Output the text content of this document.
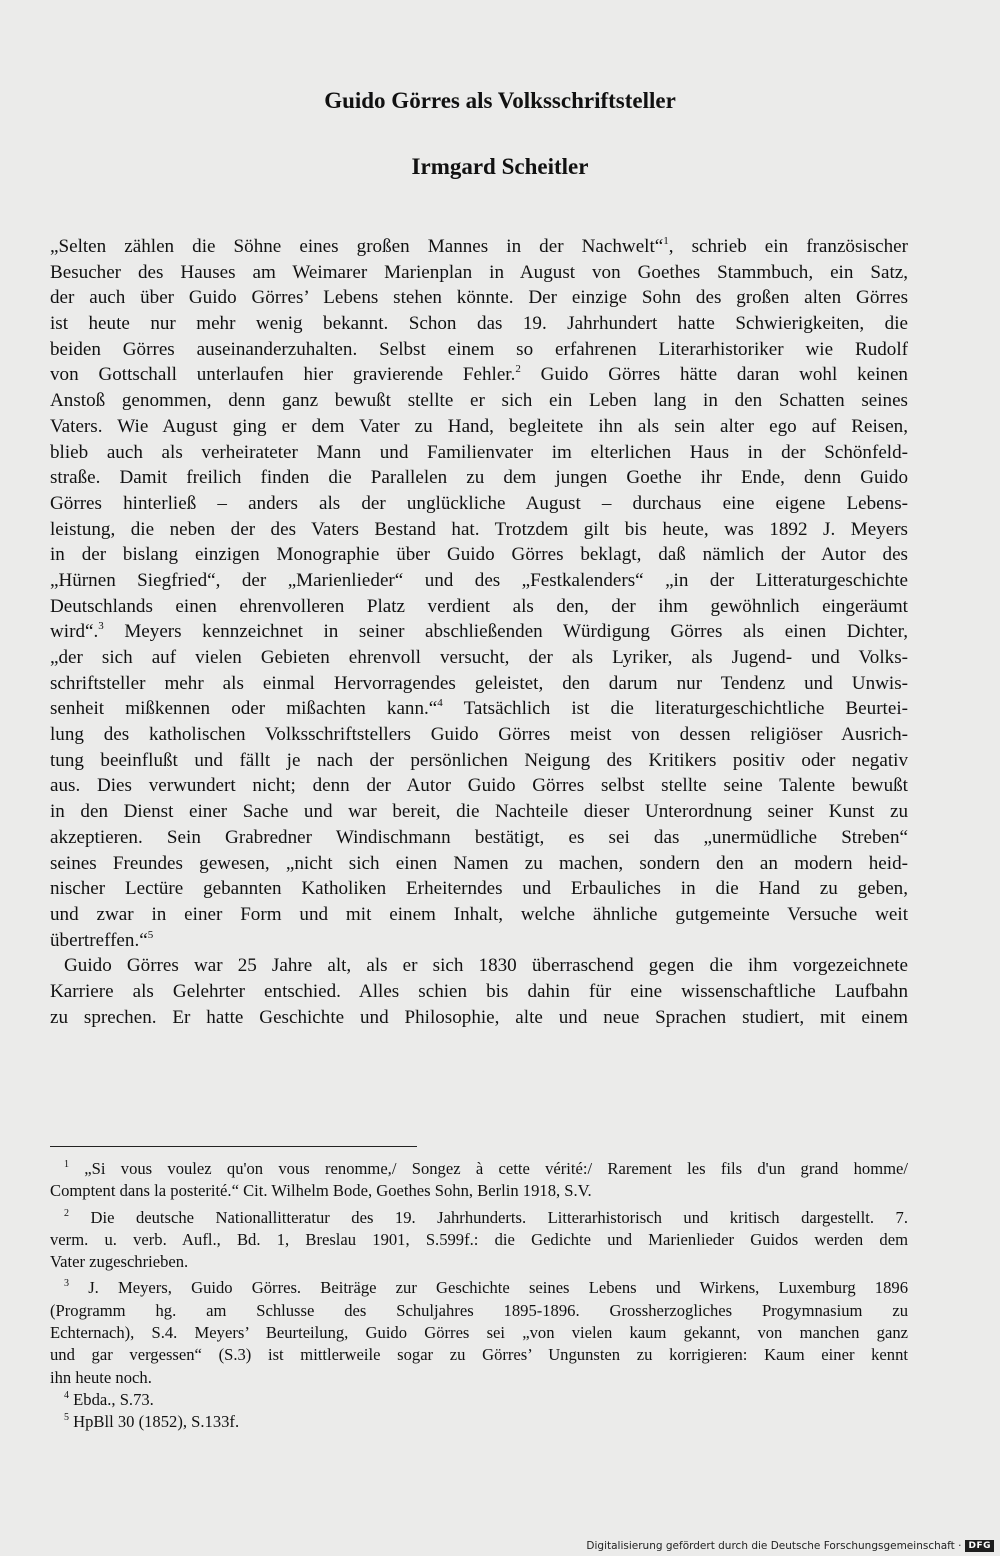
Guido Görres als Volksschriftsteller
Irmgard Scheitler
„Selten zählen die Söhne eines großen Mannes in der Nachwelt“$^1$, schrieb ein französischer
Besucher des Hauses am Weimarer Marienplan in August von Goethes Stammbuch, ein Satz,
der auch über Guido Görres’ Lebens stehen könnte. Der einzige Sohn des großen alten Görres
ist heute nur mehr wenig bekannt. Schon das 19. Jahrhundert hatte Schwierigkeiten, die
beiden Görres auseinanderzuhalten. Selbst einem so erfahrenen Literarhistoriker wie Rudolf
von Gottschall unterlaufen hier gravierende Fehler.$^2$ Guido Görres hätte daran wohl keinen
Anstoß genommen, denn ganz bewußt stellte er sich ein Leben lang in den Schatten seines
Vaters. Wie August ging er dem Vater zu Hand, begleitete ihn als sein alter ego auf Reisen,
blieb auch als verheirateter Mann und Familienvater im elterlichen Haus in der Schönfeld-
straße. Damit freilich finden die Parallelen zu dem jungen Goethe ihr Ende, denn Guido
Görres hinterließ – anders als der unglückliche August – durchaus eine eigene Lebens-
leistung, die neben der des Vaters Bestand hat. Trotzdem gilt bis heute, was 1892 J. Meyers
in der bislang einzigen Monographie über Guido Görres beklagt, daß nämlich der Autor des
„Hürnen Siegfried“, der „Marienlieder“ und des „Festkalenders“ „in der Litteraturgeschichte
Deutschlands einen ehrenvolleren Platz verdient als den, der ihm gewöhnlich eingeräumt
wird“.$^3$ Meyers kennzeichnet in seiner abschließenden Würdigung Görres als einen Dichter,
„der sich auf vielen Gebieten ehrenvoll versucht, der als Lyriker, als Jugend- und Volks-
schriftsteller mehr als einmal Hervorragendes geleistet, den darum nur Tendenz und Unwis-
senheit mißkennen oder mißachten kann.“$^4$ Tatsächlich ist die literaturgeschichtliche Beurtei-
lung des katholischen Volksschriftstellers Guido Görres meist von dessen religiöser Ausrich-
tung beeinflußt und fällt je nach der persönlichen Neigung des Kritikers positiv oder negativ
aus. Dies verwundert nicht; denn der Autor Guido Görres selbst stellte seine Talente bewußt
in den Dienst einer Sache und war bereit, die Nachteile dieser Unterordnung seiner Kunst zu
akzeptieren. Sein Grabredner Windischmann bestätigt, es sei das „unermüdliche Streben“
seines Freundes gewesen, „nicht sich einen Namen zu machen, sondern den an modern heid-
nischer Lectüre gebannten Katholiken Erheiterndes und Erbauliches in die Hand zu geben,
und zwar in einer Form und mit einem Inhalt, welche ähnliche gutgemeinte Versuche weit
übertreffen.“$^5$
Guido Görres war 25 Jahre alt, als er sich 1830 überraschend gegen die ihm vorgezeichnete
Karriere als Gelehrter entschied. Alles schien bis dahin für eine wissenschaftliche Laufbahn
zu sprechen. Er hatte Geschichte und Philosophie, alte und neue Sprachen studiert, mit einem
$^1$ „Si vous voulez qu'on vous renomme,/ Songez à cette vérité:/ Rarement les fils d'un grand homme/
Comptent dans la posterité.“ Cit. Wilhelm Bode, Goethes Sohn, Berlin 1918, S.V.
$^2$ Die deutsche Nationallitteratur des 19. Jahrhunderts. Litterarhistorisch und kritisch dargestellt. 7.
verm. u. verb. Aufl., Bd. 1, Breslau 1901, S.599f.: die Gedichte und Marienlieder Guidos werden dem
Vater zugeschrieben.
$^3$ J. Meyers, Guido Görres. Beiträge zur Geschichte seines Lebens und Wirkens, Luxemburg 1896
(Programm hg. am Schlusse des Schuljahres 1895-1896. Grossherzogliches Progymnasium zu
Echternach), S.4. Meyers’ Beurteilung, Guido Görres sei „von vielen kaum gekannt, von manchen ganz
und gar vergessen“ (S.3) ist mittlerweile sogar zu Görres’ Ungunsten zu korrigieren: Kaum einer kennt
ihn heute noch.
$^4$ Ebda., S.73.
$^5$ HpBll 30 (1852), S.133f.
Digitalisierung gefördert durch die Deutsche Forschungsgemeinschaft · DFG
